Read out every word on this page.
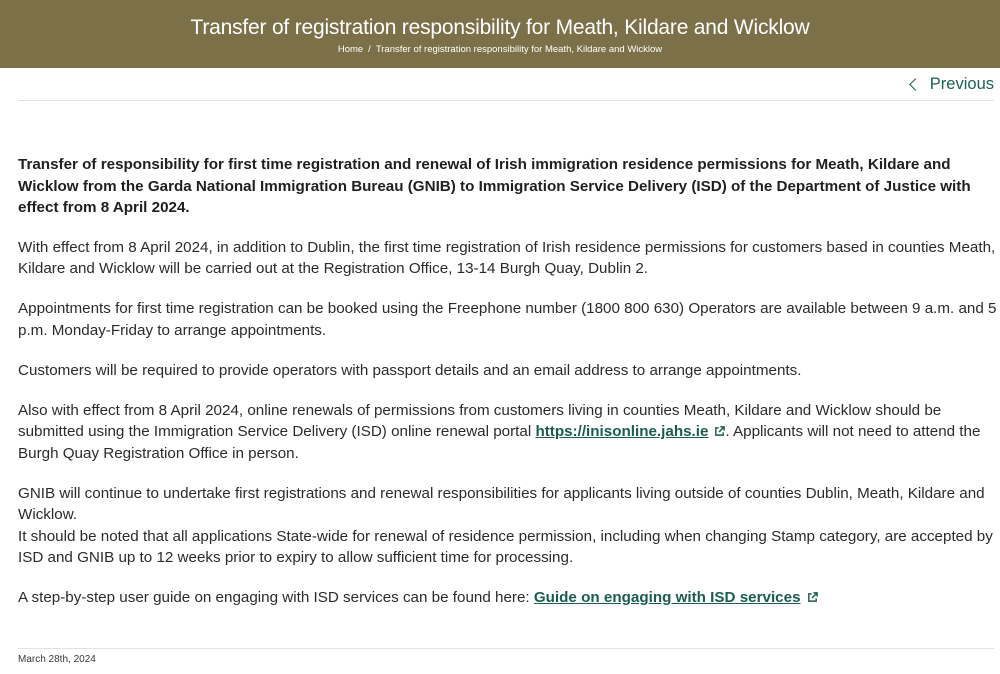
Transfer of registration responsibility for Meath, Kildare and Wicklow
Home / Transfer of registration responsibility for Meath, Kildare and Wicklow
Previous

Transfer of responsibility for first time registration and renewal of Irish immigration residence permissions for Meath, Kildare and Wicklow from the Garda National Immigration Bureau (GNIB) to Immigration Service Delivery (ISD) of the Department of Justice with effect from 8 April 2024.

With effect from 8 April 2024, in addition to Dublin, the first time registration of Irish residence permissions for customers based in counties Meath, Kildare and Wicklow will be carried out at the Registration Office, 13-14 Burgh Quay, Dublin 2.

Appointments for first time registration can be booked using the Freephone number (1800 800 630) Operators are available between 9 a.m. and 5 p.m. Monday-Friday to arrange appointments.

Customers will be required to provide operators with passport details and an email address to arrange appointments.

Also with effect from 8 April 2024, online renewals of permissions from customers living in counties Meath, Kildare and Wicklow should be submitted using the Immigration Service Delivery (ISD) online renewal portal https://inisonline.jahs.ie . Applicants will not need to attend the Burgh Quay Registration Office in person.

GNIB will continue to undertake first registrations and renewal responsibilities for applicants living outside of counties Dublin, Meath, Kildare and Wicklow.

It should be noted that all applications State-wide for renewal of residence permission, including when changing Stamp category, are accepted by ISD and GNIB up to 12 weeks prior to expiry to allow sufficient time for processing.

A step-by-step user guide on engaging with ISD services can be found here: Guide on engaging with ISD services

March 28th, 2024
